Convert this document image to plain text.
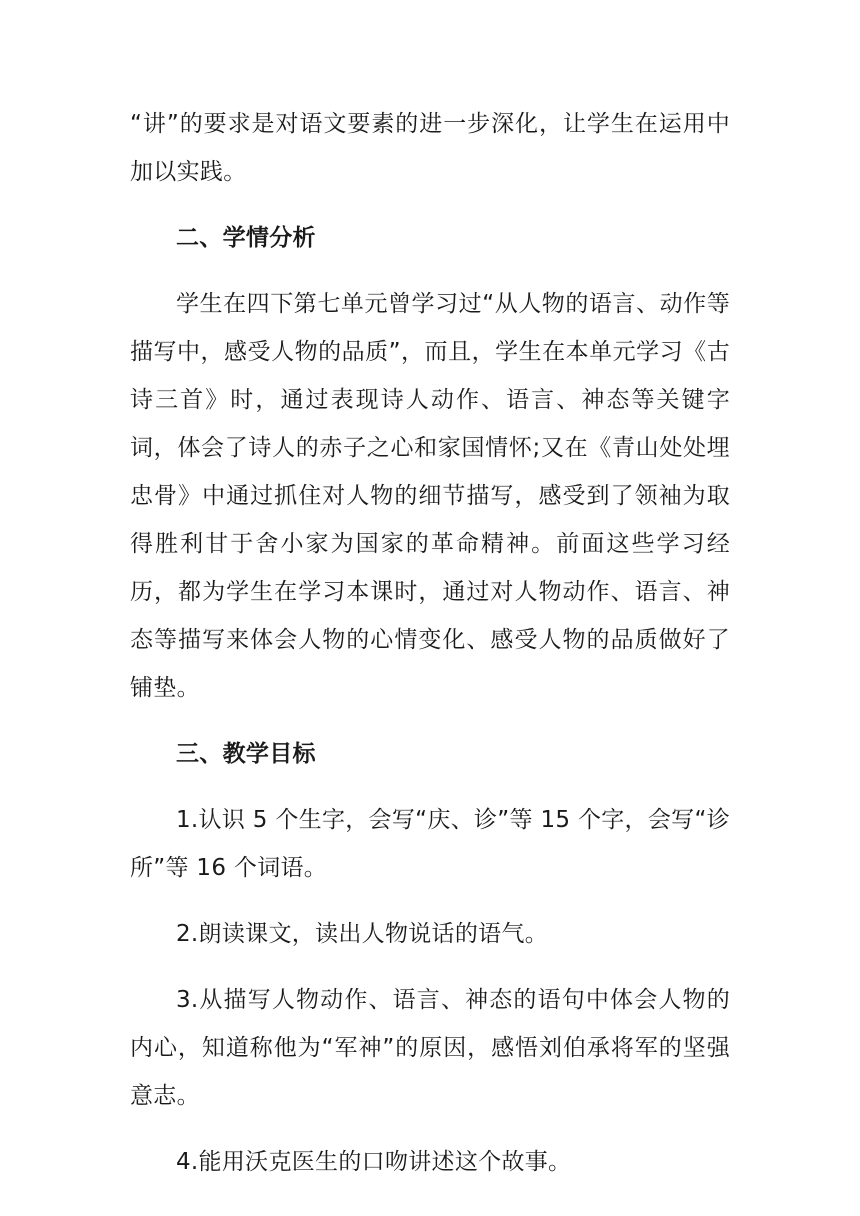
“讲”的要求是对语文要素的进一步深化，让学生在运用中加以实践。

二、学情分析

学生在四下第七单元曾学习过“从人物的语言、动作等描写中，感受人物的品质”，而且，学生在本单元学习《古诗三首》时，通过表现诗人动作、语言、神态等关键字词，体会了诗人的赤子之心和家国情怀;又在《青山处处埋忠骨》中通过抓住对人物的细节描写，感受到了领袖为取得胜利甘于舍小家为国家的革命精神。前面这些学习经历，都为学生在学习本课时，通过对人物动作、语言、神态等描写来体会人物的心情变化、感受人物的品质做好了铺垫。

三、教学目标

1.认识 5 个生字，会写“庆、诊”等 15 个字，会写“诊所”等 16 个词语。

2.朗读课文，读出人物说话的语气。

3.从描写人物动作、语言、神态的语句中体会人物的内心，知道称他为“军神”的原因，感悟刘伯承将军的坚强意志。

4.能用沃克医生的口吻讲述这个故事。
